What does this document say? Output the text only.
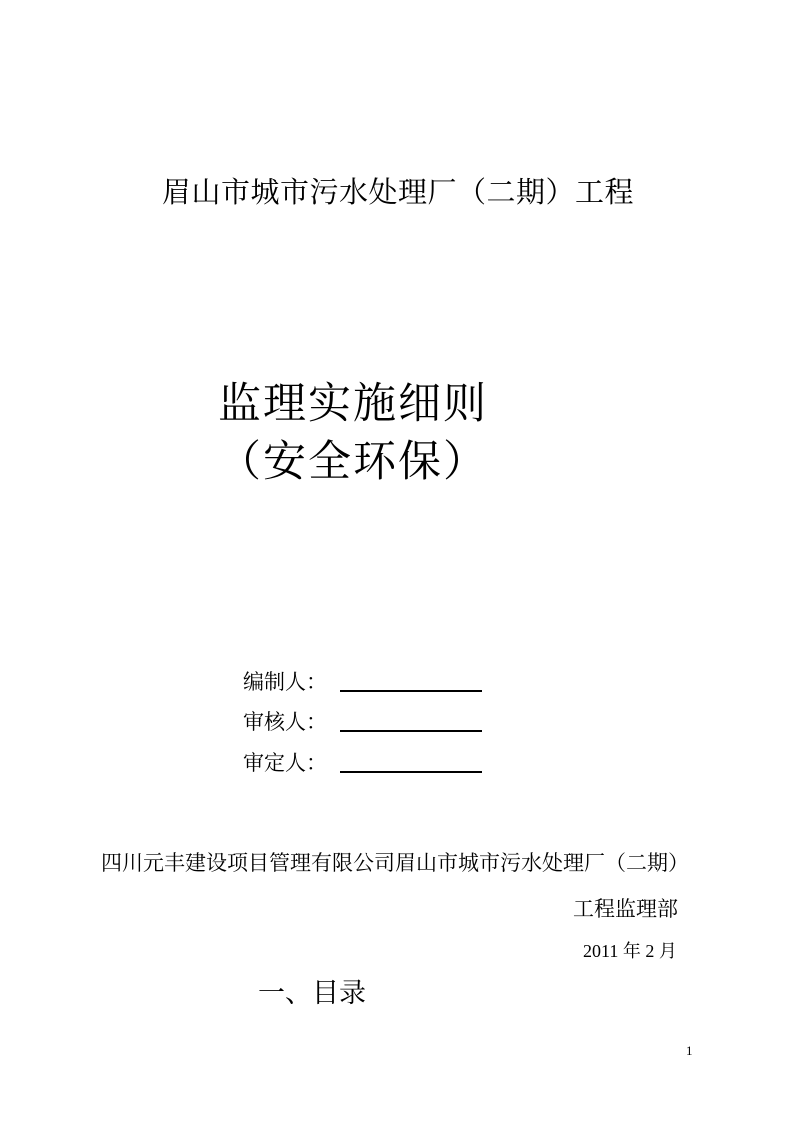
眉山市城市污水处理厂（二期）工程
监理实施细则
（安全环保）
编制人：
审核人：
审定人：
四川元丰建设项目管理有限公司眉山市城市污水处理厂（二期）
工程监理部
2011 年 2 月
一、目录
1
